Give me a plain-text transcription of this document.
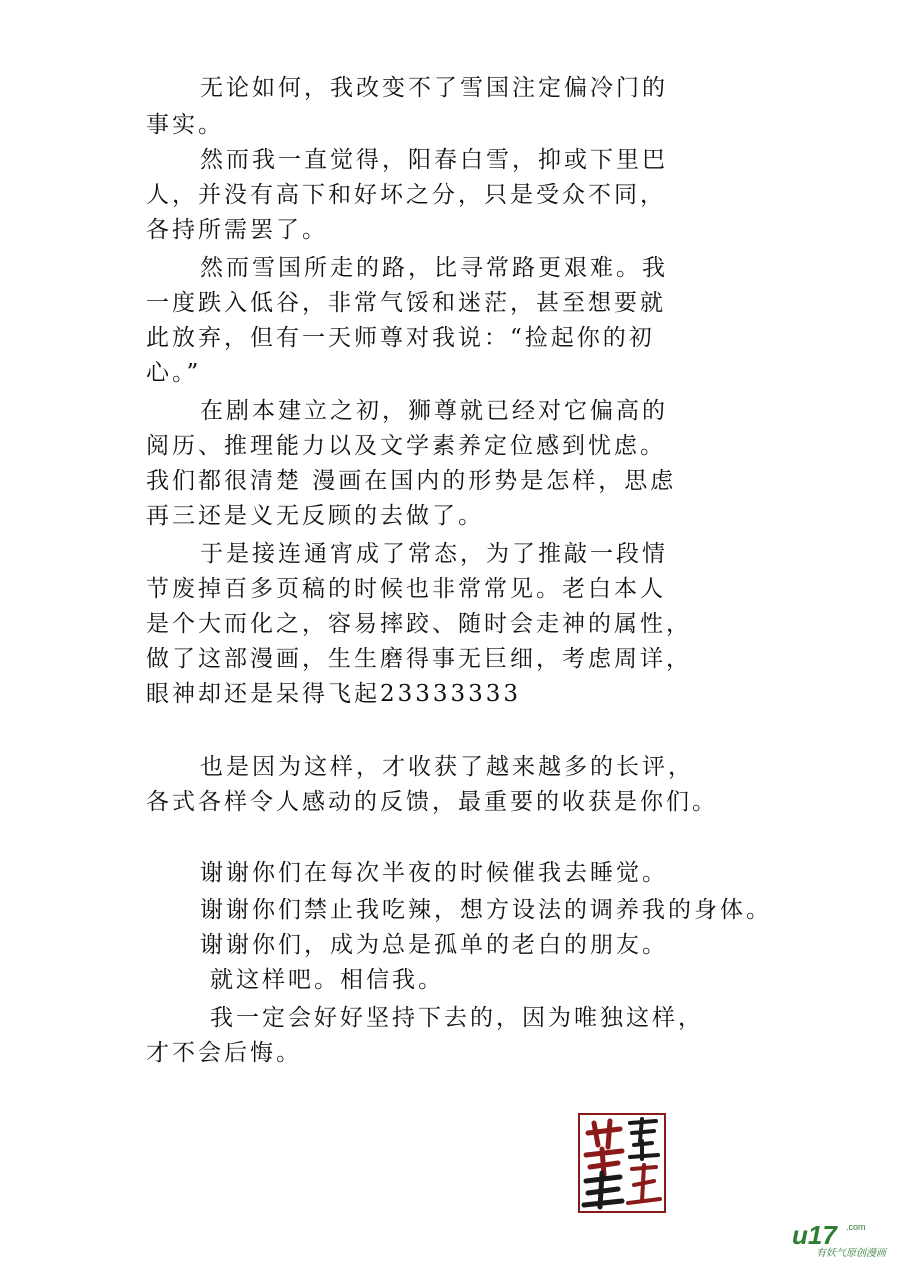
无论如何，我改变不了雪国注定偏冷门的
事实。
然而我一直觉得，阳春白雪，抑或下里巴
人，并没有高下和好坏之分，只是受众不同，
各持所需罢了。
然而雪国所走的路，比寻常路更艰难。我
一度跌入低谷，非常气馁和迷茫，甚至想要就
此放弃，但有一天师尊对我说：“捡起你的初
心。”
在剧本建立之初，狮尊就已经对它偏高的
阅历、推理能力以及文学素养定位感到忧虑。
我们都很清楚 漫画在国内的形势是怎样，思虑
再三还是义无反顾的去做了。
于是接连通宵成了常态，为了推敲一段情
节废掉百多页稿的时候也非常常见。老白本人
是个大而化之，容易摔跤、随时会走神的属性，
做了这部漫画，生生磨得事无巨细，考虑周详，
眼神却还是呆得飞起23333333
也是因为这样，才收获了越来越多的长评，
各式各样令人感动的反馈，最重要的收获是你们。
谢谢你们在每次半夜的时候催我去睡觉。
谢谢你们禁止我吃辣，想方设法的调养我的身体。
谢谢你们，成为总是孤单的老白的朋友。
就这样吧。相信我。
我一定会好好坚持下去的，因为唯独这样，
才不会后悔。
u17 .com
有妖气原创漫画
